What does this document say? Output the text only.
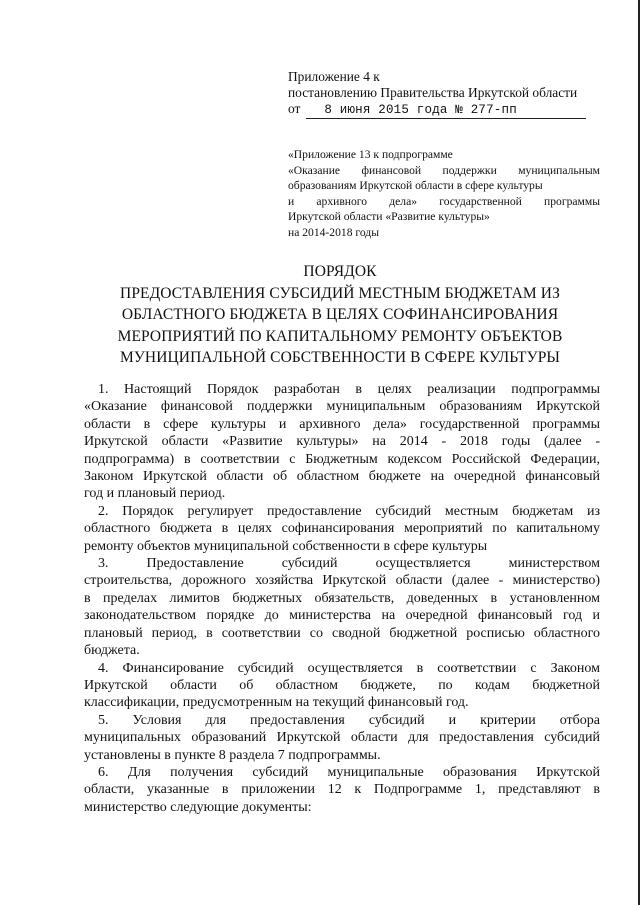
Приложение 4 к
постановлению Правительства Иркутской области
от	8 июня 2015 года № 277-пп
«Приложение 13 к подпрограмме
«Оказание финансовой поддержки муниципальным
образованиям Иркутской области в сфере культуры
и архивного дела» государственной программы
Иркутской области «Развитие культуры»
на 2014-2018 годы
ПОРЯДОК
ПРЕДОСТАВЛЕНИЯ СУБСИДИЙ МЕСТНЫМ БЮДЖЕТАМ ИЗ
ОБЛАСТНОГО БЮДЖЕТА В ЦЕЛЯХ СОФИНАНСИРОВАНИЯ
МЕРОПРИЯТИЙ ПО КАПИТАЛЬНОМУ РЕМОНТУ ОБЪЕКТОВ
МУНИЦИПАЛЬНОЙ СОБСТВЕННОСТИ В СФЕРЕ КУЛЬТУРЫ
1. Настоящий Порядок разработан в целях реализации подпрограммы
«Оказание финансовой поддержки муниципальным образованиям Иркутской
области в сфере культуры и архивного дела» государственной программы
Иркутской области «Развитие культуры» на 2014 - 2018 годы (далее -
подпрограмма) в соответствии с Бюджетным кодексом Российской Федерации,
Законом Иркутской области об областном бюджете на очередной финансовый
год и плановый период.
2. Порядок регулирует предоставление субсидий местным бюджетам из
областного бюджета в целях софинансирования мероприятий по капитальному
ремонту объектов муниципальной собственности в сфере культуры
3. Предоставление субсидий осуществляется министерством
строительства, дорожного хозяйства Иркутской области (далее - министерство)
в пределах лимитов бюджетных обязательств, доведенных в установленном
законодательством порядке до министерства на очередной финансовый год и
плановый период, в соответствии со сводной бюджетной росписью областного
бюджета.
4. Финансирование субсидий осуществляется в соответствии с Законом
Иркутской области об областном бюджете, по кодам бюджетной
классификации, предусмотренным на текущий финансовый год.
5. Условия для предоставления субсидий и критерии отбора
муниципальных образований Иркутской области для предоставления субсидий
установлены в пункте 8 раздела 7 подпрограммы.
6. Для получения субсидий муниципальные образования Иркутской
области, указанные в приложении 12 к Подпрограмме 1, представляют в
министерство следующие документы:
